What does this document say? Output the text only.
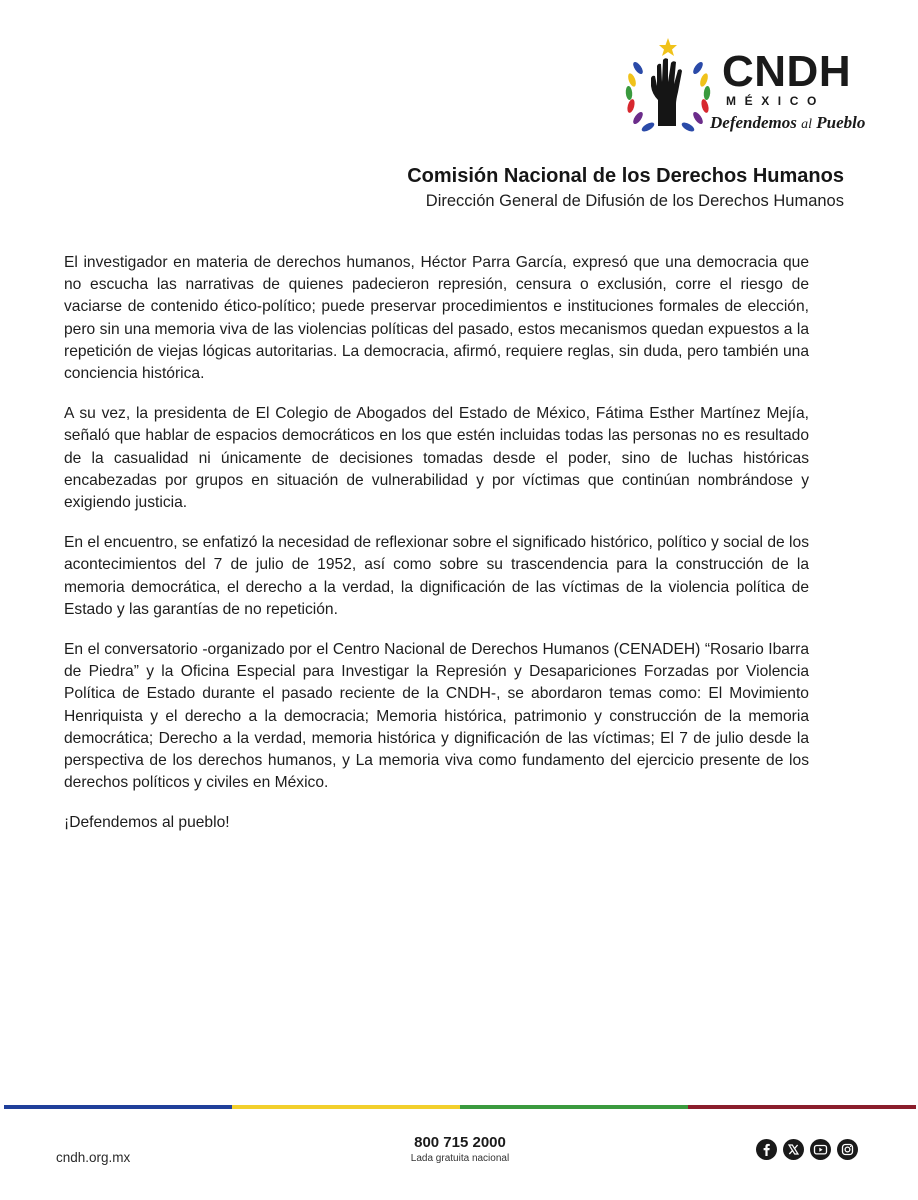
CNDH
MÉXICO
Defendemos al Pueblo
Comisión Nacional de los Derechos Humanos
Dirección General de Difusión de los Derechos Humanos

El investigador en materia de derechos humanos, Héctor Parra García, expresó que una democracia que no escucha las narrativas de quienes padecieron represión, censura o exclusión, corre el riesgo de vaciarse de contenido ético-político; puede preservar procedimientos e instituciones formales de elección, pero sin una memoria viva de las violencias políticas del pasado, estos mecanismos quedan expuestos a la repetición de viejas lógicas autoritarias. La democracia, afirmó, requiere reglas, sin duda, pero también una conciencia histórica.

A su vez, la presidenta de El Colegio de Abogados del Estado de México, Fátima Esther Martínez Mejía, señaló que hablar de espacios democráticos en los que estén incluidas todas las personas no es resultado de la casualidad ni únicamente de decisiones tomadas desde el poder, sino de luchas históricas encabezadas por grupos en situación de vulnerabilidad y por víctimas que continúan nombrándose y exigiendo justicia.

En el encuentro, se enfatizó la necesidad de reflexionar sobre el significado histórico, político y social de los acontecimientos del 7 de julio de 1952, así como sobre su trascendencia para la construcción de la memoria democrática, el derecho a la verdad, la dignificación de las víctimas de la violencia política de Estado y las garantías de no repetición.

En el conversatorio -organizado por el Centro Nacional de Derechos Humanos (CENADEH) “Rosario Ibarra de Piedra” y la Oficina Especial para Investigar la Represión y Desapariciones Forzadas por Violencia Política de Estado durante el pasado reciente de la CNDH-, se abordaron temas como: El Movimiento Henriquista y el derecho a la democracia; Memoria histórica, patrimonio y construcción de la memoria democrática; Derecho a la verdad, memoria histórica y dignificación de las víctimas; El 7 de julio desde la perspectiva de los derechos humanos, y La memoria viva como fundamento del ejercicio presente de los derechos políticos y civiles en México.

¡Defendemos al pueblo!

cndh.org.mx
800 715 2000
Lada gratuita nacional
